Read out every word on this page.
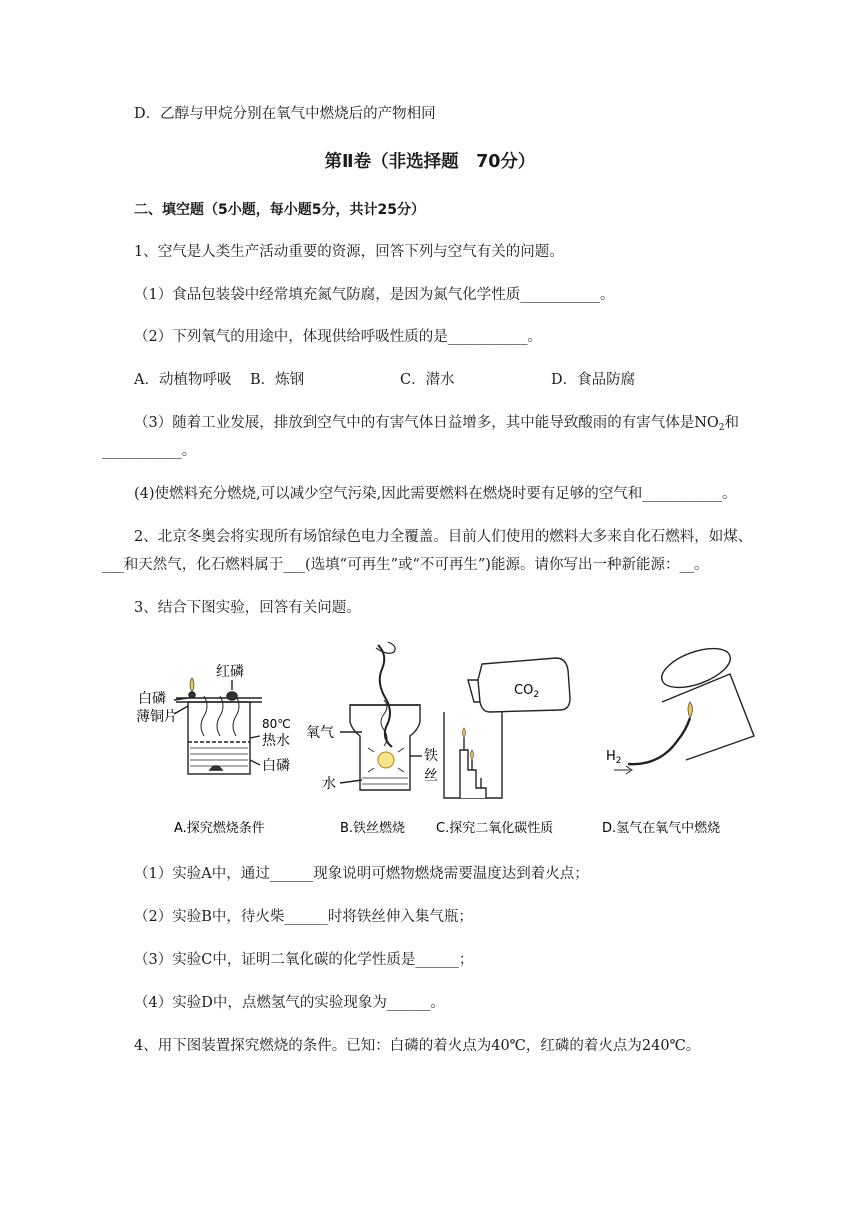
D．乙醇与甲烷分别在氧气中燃烧后的产物相同
第Ⅱ卷（非选择题　70分）
二、填空题（5小题，每小题5分，共计25分）
1、空气是人类生产活动重要的资源，回答下列与空气有关的问题。
（1）食品包装袋中经常填充氮气防腐，是因为氮气化学性质___________。
（2）下列氧气的用途中，体现供给呼吸性质的是___________。
A．动植物呼吸 B．炼钢	C．潜水	D．食品防腐
（3）随着工业发展，排放到空气中的有害气体日益增多，其中能导致酸雨的有害气体是$NO_2$和
___________。
(4)使燃料充分燃烧,可以减少空气污染,因此需要燃料在燃烧时要有足够的空气和___________。
2、北京冬奥会将实现所有场馆绿色电力全覆盖。目前人们使用的燃料大多来自化石燃料，如煤、
___和天然气，化石燃料属于___(选填“可再生”或“不可再生”)能源。请你写出一种新能源：__。
3、结合下图实验，回答有关问题。
红磷
白磷
薄铜片	80℃
热水
白磷
氧气
水
铁
丝
$CO_2$
$H_2$
A.探究燃烧条件	B.铁丝燃烧 C.探究二氧化碳性质	D.氢气在氧气中燃烧
（1）实验A中，通过______现象说明可燃物燃烧需要温度达到着火点；
（2）实验B中，待火柴______时将铁丝伸入集气瓶；
（3）实验C中，证明二氧化碳的化学性质是______；
（4）实验D中，点燃氢气的实验现象为______。
4、用下图装置探究燃烧的条件。已知：白磷的着火点为40℃，红磷的着火点为240℃。
